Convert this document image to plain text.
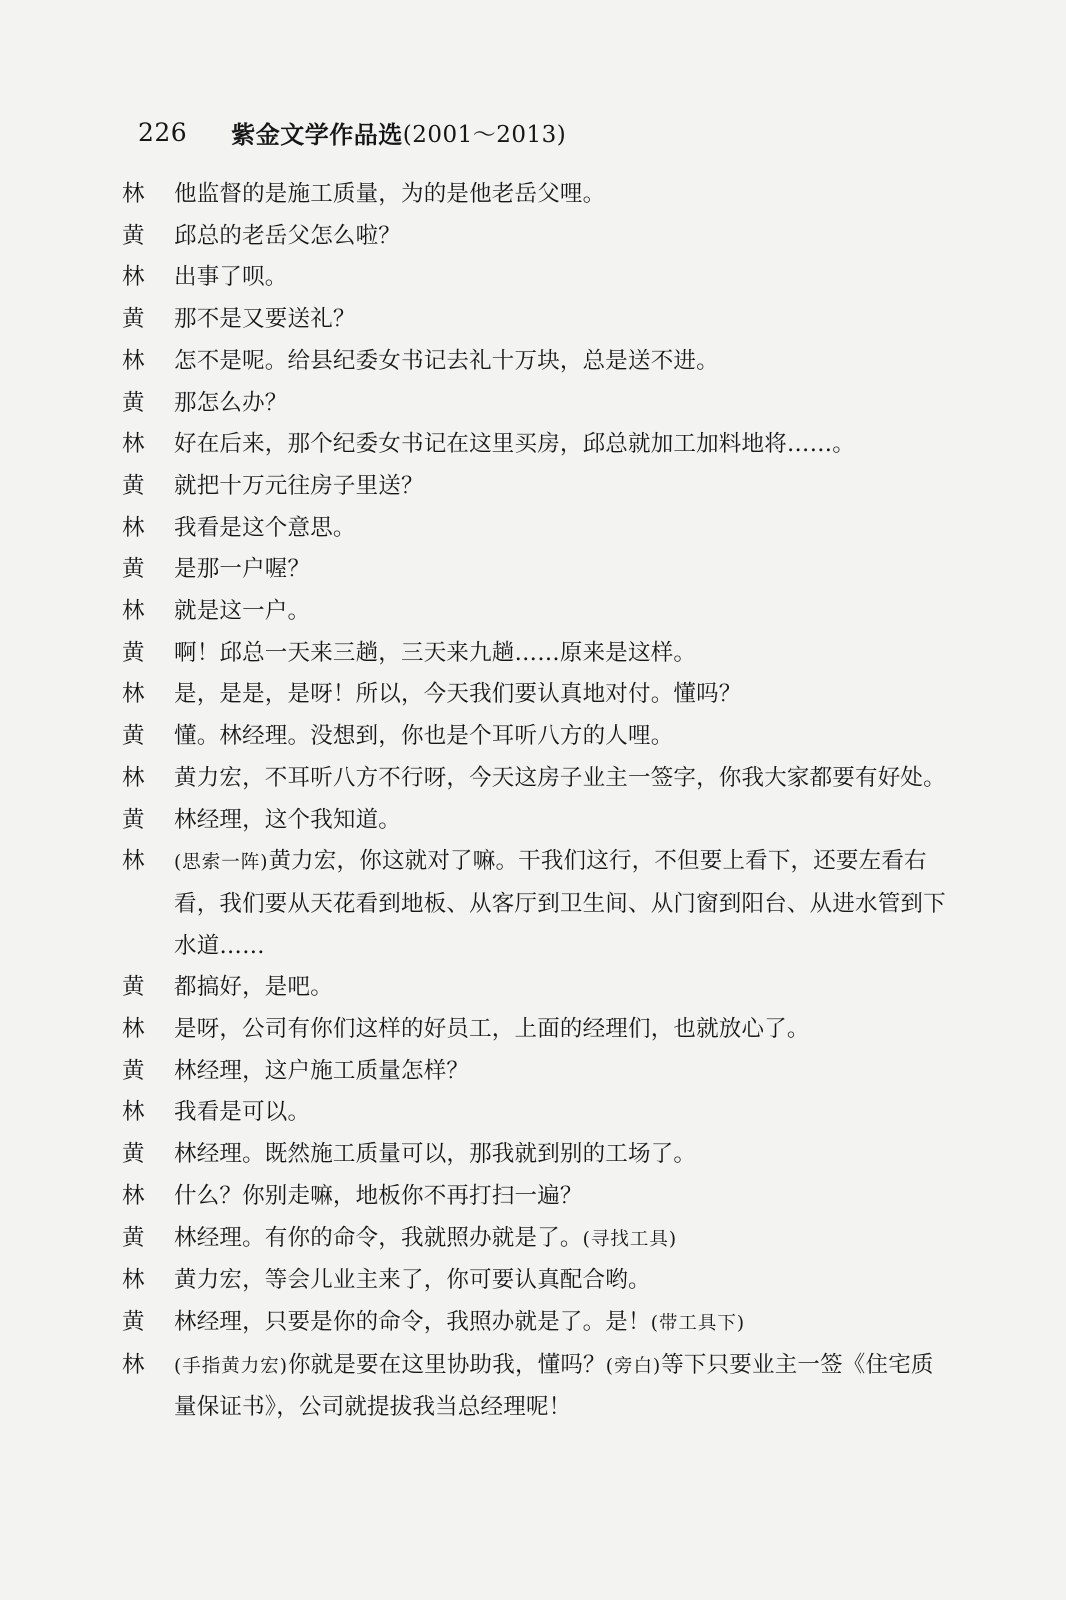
226 紫金文学作品选 (2001～2013)
林	他监督的是施工质量，为的是他老岳父哩。
黄	邱总的老岳父怎么啦？
林	出事了呗。
黄	那不是又要送礼？
林	怎不是呢。给县纪委女书记去礼十万块，总是送不进。
黄	那怎么办？
林	好在后来，那个纪委女书记在这里买房，邱总就加工加料地将……。
黄	就把十万元往房子里送？
林	我看是这个意思。
黄	是那一户喔？
林	就是这一户。
黄	啊！邱总一天来三趟，三天来九趟……原来是这样。
林	是，是是，是呀！所以，今天我们要认真地对付。懂吗？
黄	懂。林经理。没想到，你也是个耳听八方的人哩。
林	黄力宏，不耳听八方不行呀，今天这房子业主一签字，你我大家都要有好处。
黄	林经理，这个我知道。
林	(思索一阵)黄力宏，你这就对了嘛。干我们这行，不但要上看下，还要左看右看，我们要从天花看到地板、从客厅到卫生间、从门窗到阳台、从进水管到下水道……
黄	都搞好，是吧。
林	是呀，公司有你们这样的好员工，上面的经理们，也就放心了。
黄	林经理，这户施工质量怎样？
林	我看是可以。
黄	林经理。既然施工质量可以，那我就到别的工场了。
林	什么？你别走嘛，地板你不再打扫一遍？
黄	林经理。有你的命令，我就照办就是了。(寻找工具)
林	黄力宏，等会儿业主来了，你可要认真配合哟。
黄	林经理，只要是你的命令，我照办就是了。是！(带工具下)
林	(手指黄力宏)你就是要在这里协助我，懂吗？(旁白)等下只要业主一签《住宅质量保证书》，公司就提拔我当总经理呢！
